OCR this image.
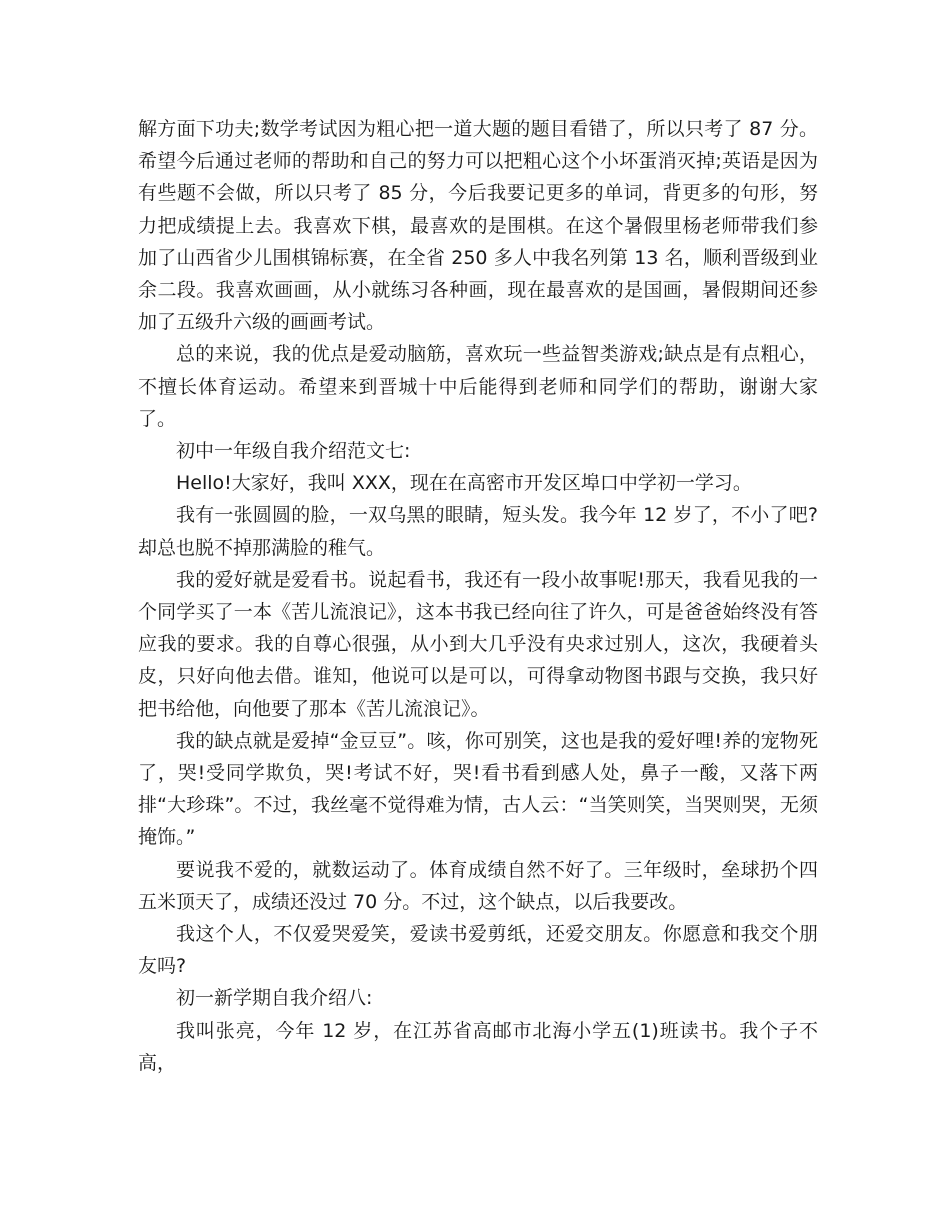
解方面下功夫;数学考试因为粗心把一道大题的题目看错了，所以只考了 87 分。希望今后通过老师的帮助和自己的努力可以把粗心这个小坏蛋消灭掉;英语是因为有些题不会做，所以只考了 85 分，今后我要记更多的单词，背更多的句形，努力把成绩提上去。我喜欢下棋，最喜欢的是围棋。在这个暑假里杨老师带我们参加了山西省少儿围棋锦标赛，在全省 250 多人中我名列第 13 名，顺利晋级到业余二段。我喜欢画画，从小就练习各种画，现在最喜欢的是国画，暑假期间还参加了五级升六级的画画考试。

总的来说，我的优点是爱动脑筋，喜欢玩一些益智类游戏;缺点是有点粗心，不擅长体育运动。希望来到晋城十中后能得到老师和同学们的帮助，谢谢大家了。

初中一年级自我介绍范文七:

Hello!大家好，我叫 XXX，现在在高密市开发区埠口中学初一学习。

我有一张圆圆的脸，一双乌黑的眼睛，短头发。我今年 12 岁了，不小了吧?却总也脱不掉那满脸的稚气。

我的爱好就是爱看书。说起看书，我还有一段小故事呢!那天，我看见我的一个同学买了一本《苦儿流浪记》，这本书我已经向往了许久，可是爸爸始终没有答应我的要求。我的自尊心很强，从小到大几乎没有央求过别人，这次，我硬着头皮，只好向他去借。谁知，他说可以是可以，可得拿动物图书跟与交换，我只好把书给他，向他要了那本《苦儿流浪记》。

我的缺点就是爱掉“金豆豆”。咳，你可别笑，这也是我的爱好哩!养的宠物死了，哭!受同学欺负，哭!考试不好，哭!看书看到感人处，鼻子一酸，又落下两排“大珍珠”。不过，我丝毫不觉得难为情，古人云：“当笑则笑，当哭则哭，无须掩饰。”

要说我不爱的，就数运动了。体育成绩自然不好了。三年级时，垒球扔个四五米顶天了，成绩还没过 70 分。不过，这个缺点，以后我要改。

我这个人，不仅爱哭爱笑，爱读书爱剪纸，还爱交朋友。你愿意和我交个朋友吗?

初一新学期自我介绍八:

我叫张亮，今年 12 岁，在江苏省高邮市北海小学五(1)班读书。我个子不高，
